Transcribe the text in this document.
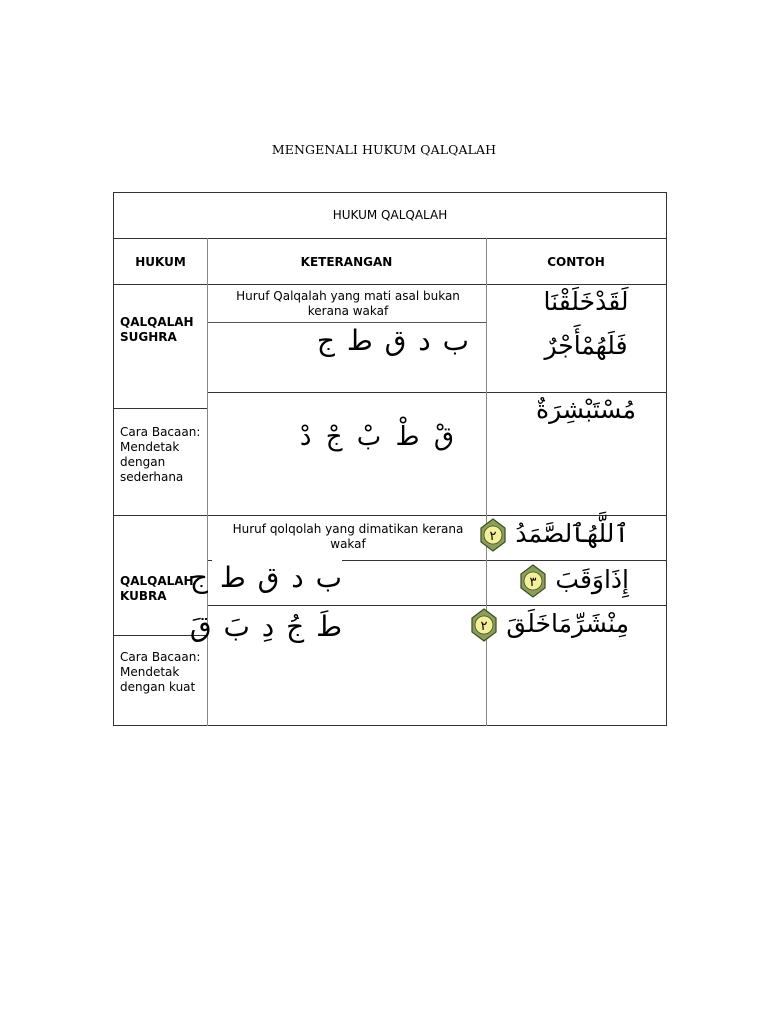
MENGENALI HUKUM QALQALAH
HUKUM QALQALAH
HUKUM	KETERANGAN	CONTOH
QALQALAH SUGHRA
Cara Bacaan: Mendetak dengan sederhana
Huruf Qalqalah yang mati asal bukan kerana wakaf
ب د ق ط ج
قْ طْ بْ جْ دْ
لَقَدْخَلَقْنَا
فَلَهُمْأَجْرٌ
مُسْتَبْشِرَةٌ
QALQALAH KUBRA
Cara Bacaan: Mendetak dengan kuat
Huruf qolqolah yang dimatikan kerana wakaf
ب د ق ط ج
طَ جُ دِ بَ قَ
ٱللَّهُٱلصَّمَدُ
٢
إِذَاوَقَبَ
٣
مِنْشَرِّمَاخَلَقَ
٢
